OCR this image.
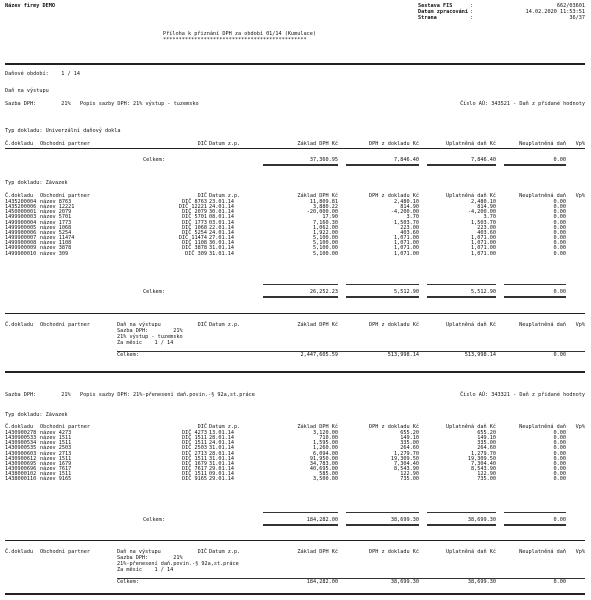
Název firmy DEMO	Sestava FIS	:	662/03601
Datum zpracování :	14.02.2020 11:53:51
Strana	:	36/37
Příloha k přiznání DPH za období 01/14 (Kumulace)
**********************************************
Daňové období:    1 / 14
Daň na výstupu
Sazba DPH:        21%   Popis sazby DPH: 21% výstup - tuzemsko	Číslo AÚ: 343521 - Daň z přidané hodnoty
Typ dokladu: Univerzální daňový dokla
Č.dokladu Obchodní partner	DIČ Datum z.p.	Základ DPH Kč	DPH z dokladu Kč	Uplatněná daň Kč	Neuplatněná daň	Vp%
Celkem:	37,360.95	7,846.40	7,846.40	0.00
Typ dokladu: Závazek
Č.dokladu Obchodní partner	DIČ Datum z.p.	Základ DPH Kč	DPH z dokladu Kč	Uplatněná daň Kč	Neuplatněná daň	Vp%
1435200004 název 8763	DIČ 8763 23.01.14	11,809.81	2,480.10	2,480.10	0.00
1435200006 název 12221	DIČ 12221 24.01.14	3,880.22	814.90	814.90	0.00
1450000001 název 2079	DIČ 2079 30.01.14	-20,000.00	-4,200.00	-4,200.00	0.00
1499900003 název 5701	DIČ 5701 08.01.14	17.90	3.70	3.70	0.00
1499900004 název 1773	DIČ 1773 03.01.14	7,160.30	1,503.70	1,503.70	0.00
1499900005 název 1068	DIČ 1068 22.01.14	1,062.00	223.00	223.00	0.00
1499900006 název 5254	DIČ 5254 24.01.14	1,922.00	403.60	403.60	0.00
1499900007 název 11474	DIČ 11474 27.01.14	5,100.00	1,071.00	1,071.00	0.00
1499900008 název 1108	DIČ 1108 30.01.14	5,100.00	1,071.00	1,071.00	0.00
1499900009 název 3878	DIČ 3878 31.01.14	5,100.00	1,071.00	1,071.00	0.00
1499900010 název 309	DIČ 309 31.01.14	5,100.00	1,071.00	1,071.00	0.00
Celkem:	26,252.23	5,512.90	5,512.90	0.00
Daň na výstupu
Č.dokladu Obchodní partner	DIČ Datum z.p.	Základ DPH Kč	DPH z dokladu Kč	Uplatněná daň Kč	Neuplatněná daň	Vp%
Sazba DPH:        21%
21% výstup - tuzemsko
Za měsíc    1 / 14
Celkem:	2,447,605.59	513,998.14	513,998.14	0.00
Sazba DPH:        21%   Popis sazby DPH: 21%-přenesení daň.povin.-§ 92a,st.práce	Číslo AÚ: 343321 - Daň z přidané hodnoty
Typ dokladu: Závazek
Č.dokladu Obchodní partner	DIČ Datum z.p.	Základ DPH Kč	DPH z dokladu Kč	Uplatněná daň Kč	Neuplatněná daň	Vp%
1430900278 název 4273	DIČ 4273 13.01.14	3,120.00	655.20	655.20	0.00
1430900533 název 1511	DIČ 1511 28.01.14	710.00	149.10	149.10	0.00
1430900534 název 1511	DIČ 1511 24.01.14	1,595.00	335.00	335.00	0.00
1430900535 název 2503	DIČ 2503 31.01.14	1,260.00	264.60	264.60	0.00
1430900603 název 2713	DIČ 2713 28.01.14	6,094.00	1,279.70	1,279.70	0.00
1430900612 název 1511	DIČ 1511 31.01.14	91,950.00	19,309.50	19,309.50	0.00
1430900695 název 1679	DIČ 1679 31.01.14	34,783.00	7,304.40	7,304.40	0.00
1430900696 název 7617	DIČ 7617 29.01.14	40,695.00	8,543.90	8,543.90	0.00
1438000102 název 1511	DIČ 1511 09.01.14	585.00	122.90	122.90	0.00
1438000110 název 9165	DIČ 9165 29.01.14	3,500.00	735.00	735.00	0.00
Celkem:	184,282.00	38,699.30	38,699.30	0.00
Daň na výstupu
Č.dokladu Obchodní partner	DIČ Datum z.p.	Základ DPH Kč	DPH z dokladu Kč	Uplatněná daň Kč	Neuplatněná daň	Vp%
Sazba DPH:        21%
21%-přenesení daň.povin.-§ 92a,st.práce
Za měsíc    1 / 14
Celkem:	184,282.00	38,699.30	38,699.30	0.00
